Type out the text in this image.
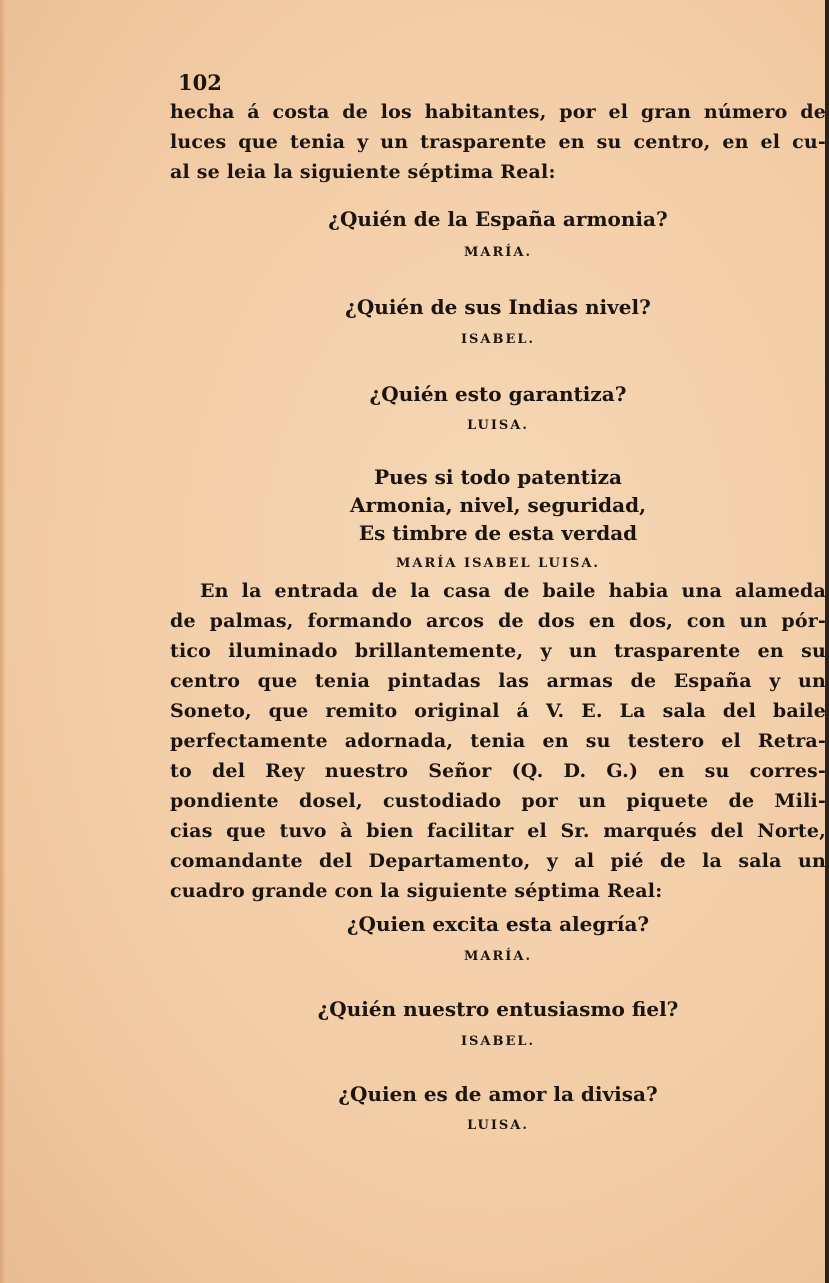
102
hecha á costa de los habitantes, por el gran número de
luces que tenia y un trasparente en su centro, en el cu-
al se leia la siguiente séptima Real:
¿Quién de la España armonia?
MARÍA.
¿Quién de sus Indias nivel?
ISABEL.
¿Quién esto garantiza?
LUISA.
Pues si todo patentiza
Armonia, nivel, seguridad,
Es timbre de esta verdad
MARÍA ISABEL LUISA.
En la entrada de la casa de baile habia una alameda
de palmas, formando arcos de dos en dos, con un pór-
tico iluminado brillantemente, y un trasparente en su
centro que tenia pintadas las armas de España y un
Soneto, que remito original á V. E. La sala del baile
perfectamente adornada, tenia en su testero el Retra-
to del Rey nuestro Señor (Q. D. G.) en su corres-
pondiente dosel, custodiado por un piquete de Mili-
cias que tuvo à bien facilitar el Sr. marqués del Norte,
comandante del Departamento, y al pié de la sala un
cuadro grande con la siguiente séptima Real:
¿Quien excita esta alegría?
MARÍA.
¿Quién nuestro entusiasmo fiel?
ISABEL.
¿Quien es de amor la divisa?
LUISA.
